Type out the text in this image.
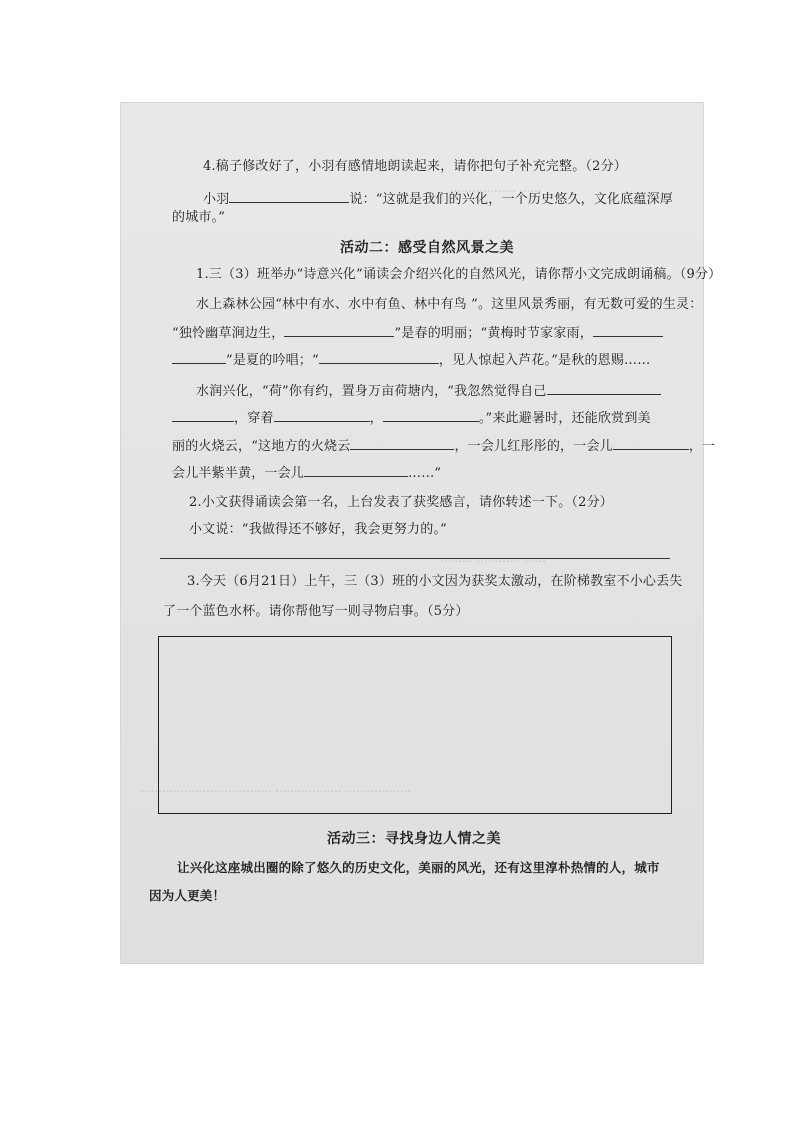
……………… ……
……… ………… ……
……………………………… ……………… ………………
4.稿子修改好了，小羽有感情地朗读起来，请你把句子补充完整。（2分）
小羽	说：“这就是我们的兴化，一个历史悠久，文化底蕴深厚
的城市。”
活动二：感受自然风景之美
1.三（3）班举办“诗意兴化”诵读会介绍兴化的自然风光，请你帮小文完成朗诵稿。（9分）
水上森林公园“林中有水、水中有鱼、林中有鸟 ”。这里风景秀丽，有无数可爱的生灵：
“独怜幽草涧边生，	”是春的明丽；“黄梅时节家家雨，
”是夏的吟唱；“	，见人惊起入芦花。”是秋的恩赐……
水润兴化，“荷”你有约，置身万亩荷塘内，“我忽然觉得自己
，穿着	，	。”来此避暑时，还能欣赏到美
丽的火烧云，“这地方的火烧云	，一会儿红彤彤的，一会儿	，一
会儿半紫半黄，一会儿	……”
2.小文获得诵读会第一名，上台发表了获奖感言，请你转述一下。（2分）
小文说：“我做得还不够好，我会更努力的。”
3.今天（6月21日）上午，三（3）班的小文因为获奖太激动，在阶梯教室不小心丢失
了一个蓝色水杯。请你帮他写一则寻物启事。（5分）
活动三：寻找身边人情之美
让兴化这座城出圈的除了悠久的历史文化，美丽的风光，还有这里淳朴热情的人，城市
因为人更美！
